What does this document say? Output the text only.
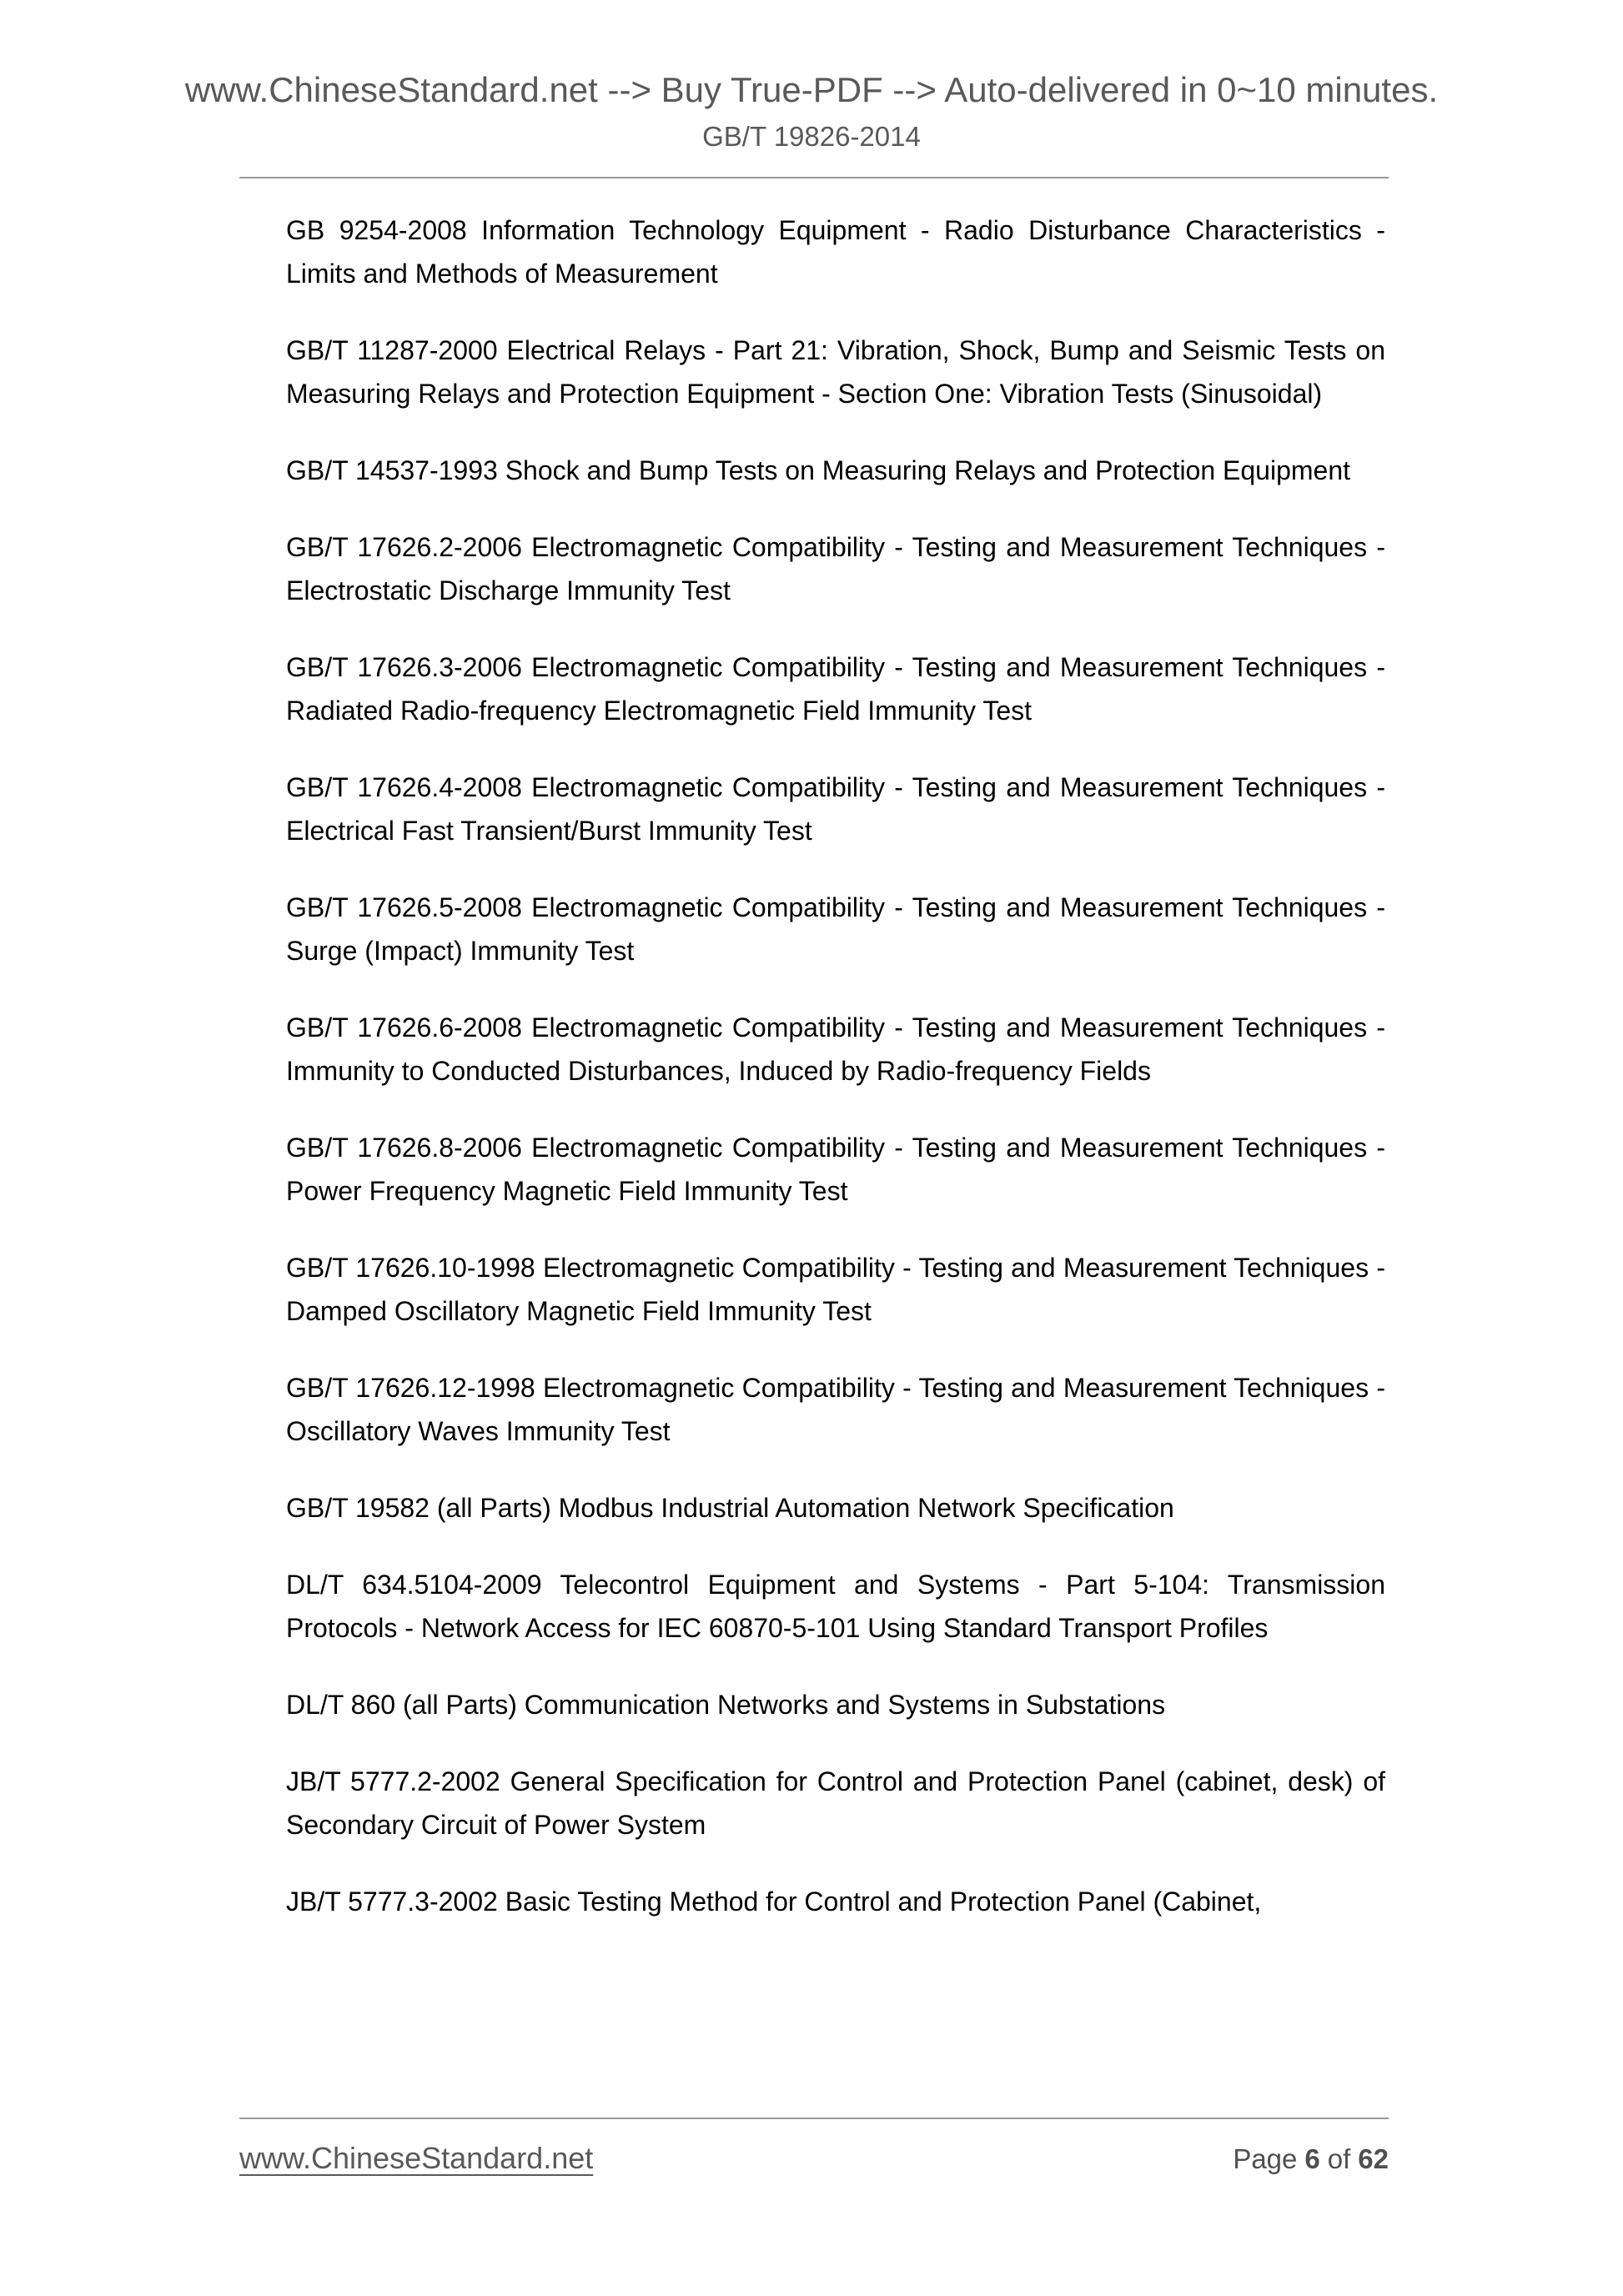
www.ChineseStandard.net --> Buy True-PDF --> Auto-delivered in 0~10 minutes.
GB/T 19826-2014

GB 9254-2008 Information Technology Equipment - Radio Disturbance Characteristics - Limits and Methods of Measurement

GB/T 11287-2000 Electrical Relays - Part 21: Vibration, Shock, Bump and Seismic Tests on Measuring Relays and Protection Equipment - Section One: Vibration Tests (Sinusoidal)

GB/T 14537-1993 Shock and Bump Tests on Measuring Relays and Protection Equipment

GB/T 17626.2-2006 Electromagnetic Compatibility - Testing and Measurement Techniques - Electrostatic Discharge Immunity Test

GB/T 17626.3-2006 Electromagnetic Compatibility - Testing and Measurement Techniques - Radiated Radio-frequency Electromagnetic Field Immunity Test

GB/T 17626.4-2008 Electromagnetic Compatibility - Testing and Measurement Techniques - Electrical Fast Transient/Burst Immunity Test

GB/T 17626.5-2008 Electromagnetic Compatibility - Testing and Measurement Techniques - Surge (Impact) Immunity Test

GB/T 17626.6-2008 Electromagnetic Compatibility - Testing and Measurement Techniques - Immunity to Conducted Disturbances, Induced by Radio-frequency Fields

GB/T 17626.8-2006 Electromagnetic Compatibility - Testing and Measurement Techniques - Power Frequency Magnetic Field Immunity Test

GB/T 17626.10-1998 Electromagnetic Compatibility - Testing and Measurement Techniques - Damped Oscillatory Magnetic Field Immunity Test

GB/T 17626.12-1998 Electromagnetic Compatibility - Testing and Measurement Techniques - Oscillatory Waves Immunity Test

GB/T 19582 (all Parts) Modbus Industrial Automation Network Specification

DL/T 634.5104-2009 Telecontrol Equipment and Systems - Part 5-104: Transmission Protocols - Network Access for IEC 60870-5-101 Using Standard Transport Profiles

DL/T 860 (all Parts) Communication Networks and Systems in Substations

JB/T 5777.2-2002 General Specification for Control and Protection Panel (cabinet, desk) of Secondary Circuit of Power System

JB/T 5777.3-2002 Basic Testing Method for Control and Protection Panel (Cabinet,

www.ChineseStandard.net	Page 6 of 62
